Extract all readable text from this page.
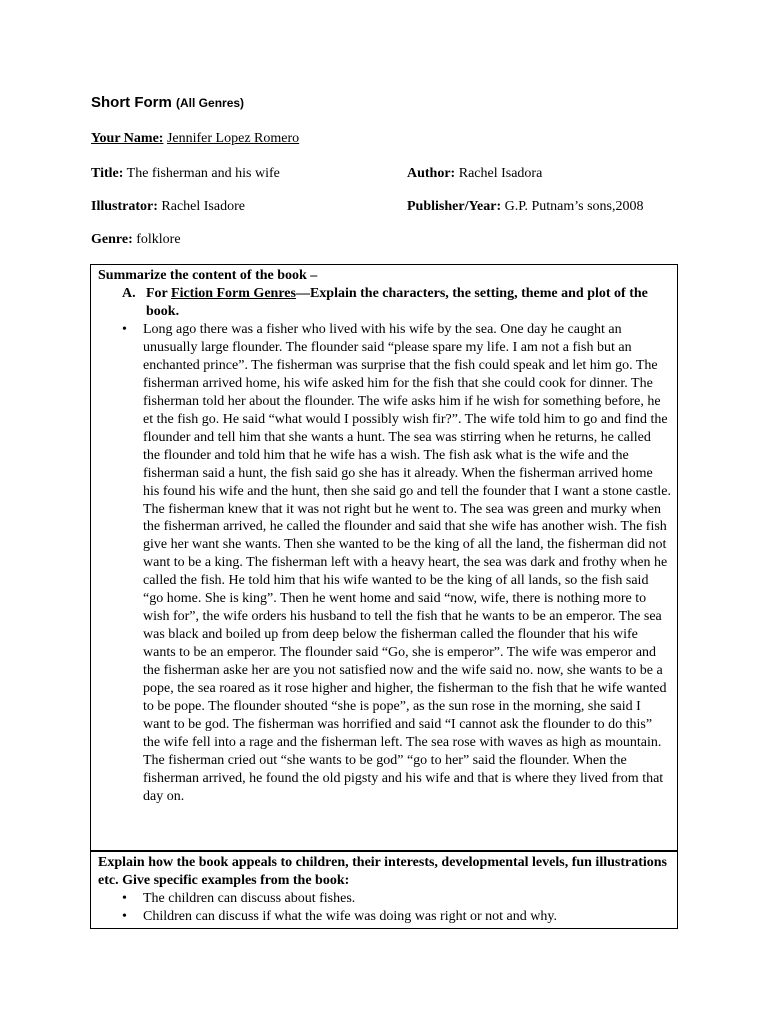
Short Form (All Genres)
Your Name: Jennifer Lopez Romero
Title: The fisherman and his wife	Author: Rachel Isadora
Illustrator: Rachel Isadore	Publisher/Year: G.P. Putnam’s sons,2008
Genre: folklore
Summarize the content of the book –
A. For Fiction Form Genres—Explain the characters, the setting, theme and plot of the book.
• Long ago there was a fisher who lived with his wife by the sea. One day he caught an unusually large flounder. The flounder said “please spare my life. I am not a fish but an enchanted prince”. The fisherman was surprise that the fish could speak and let him go. The fisherman arrived home, his wife asked him for the fish that she could cook for dinner. The fisherman told her about the flounder. The wife asks him if he wish for something before, he et the fish go. He said “what would I possibly wish fir?”. The wife told him to go and find the flounder and tell him that she wants a hunt. The sea was stirring when he returns, he called the flounder and told him that he wife has a wish. The fish ask what is the wife and the fisherman said a hunt, the fish said go she has it already. When the fisherman arrived home his found his wife and the hunt, then she said go and tell the founder that I want a stone castle. The fisherman knew that it was not right but he went to. The sea was green and murky when the fisherman arrived, he called the flounder and said that she wife has another wish. The fish give her want she wants. Then she wanted to be the king of all the land, the fisherman did not want to be a king. The fisherman left with a heavy heart, the sea was dark and frothy when he called the fish. He told him that his wife wanted to be the king of all lands, so the fish said “go home. She is king”. Then he went home and said “now, wife, there is nothing more to wish for”, the wife orders his husband to tell the fish that he wants to be an emperor. The sea was black and boiled up from deep below the fisherman called the flounder that his wife wants to be an emperor. The flounder said “Go, she is emperor”. The wife was emperor and the fisherman aske her are you not satisfied now and the wife said no. now, she wants to be a pope, the sea roared as it rose higher and higher, the fisherman to the fish that he wife wanted to be pope. The flounder shouted “she is pope”, as the sun rose in the morning, she said I want to be god. The fisherman was horrified and said “I cannot ask the flounder to do this” the wife fell into a rage and the fisherman left. The sea rose with waves as high as mountain. The fisherman cried out “she wants to be god” “go to her” said the flounder. When the fisherman arrived, he found the old pigsty and his wife and that is where they lived from that day on.
Explain how the book appeals to children, their interests, developmental levels, fun illustrations etc. Give specific examples from the book:
• The children can discuss about fishes.
• Children can discuss if what the wife was doing was right or not and why.
